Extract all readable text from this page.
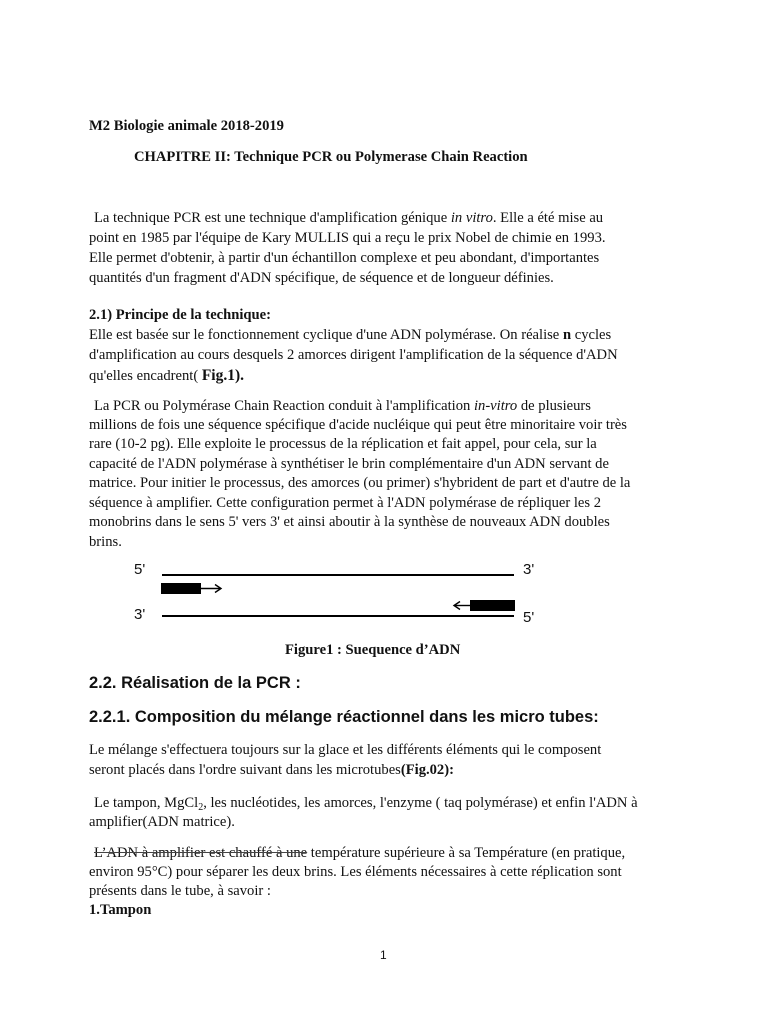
M2 Biologie animale 2018-2019
CHAPITRE II: Technique PCR ou Polymerase Chain Reaction
La technique PCR est une technique d'amplification génique in vitro. Elle a été mise au
point en 1985 par l'équipe de Kary MULLIS qui a reçu le prix Nobel de chimie en 1993.
Elle permet d'obtenir, à partir d'un échantillon complexe et peu abondant, d'importantes
quantités d'un fragment d'ADN spécifique, de séquence et de longueur définies.
2.1) Principe de la technique:
Elle est basée sur le fonctionnement cyclique d'une ADN polymérase. On réalise n cycles
d'amplification au cours desquels 2 amorces dirigent l'amplification de la séquence d'ADN
qu'elles encadrent( Fig.1).
La PCR ou Polymérase Chain Reaction conduit à l'amplification in-vitro de plusieurs
millions de fois une séquence spécifique d'acide nucléique qui peut être minoritaire voir très
rare (10-2 pg). Elle exploite le processus de la réplication et fait appel, pour cela, sur la
capacité de l'ADN polymérase à synthétiser le brin complémentaire d'un ADN servant de
matrice. Pour initier le processus, des amorces (ou primer) s'hybrident de part et d'autre de la
séquence à amplifier. Cette configuration permet à l'ADN polymérase de répliquer les 2
monobrins dans le sens 5' vers 3' et ainsi aboutir à la synthèse de nouveaux ADN doubles
brins.
5'	3'
3'	5'
Figure1 : Suequence d’ADN
2.2. Réalisation de la PCR :
2.2.1. Composition du mélange réactionnel dans les micro tubes:
Le mélange s'effectuera toujours sur la glace et les différents éléments qui le composent
seront placés dans l'ordre suivant dans les microtubes(Fig.02):
Le tampon, MgCl$_2$, les nucléotides, les amorces, l'enzyme ( taq polymérase) et enfin l'ADN à
amplifier(ADN matrice).
L’ADN à amplifier est chauffé à une température supérieure à sa Température (en pratique,
environ 95°C) pour séparer les deux brins. Les éléments nécessaires à cette réplication sont
présents dans le tube, à savoir :
1.Tampon
1
